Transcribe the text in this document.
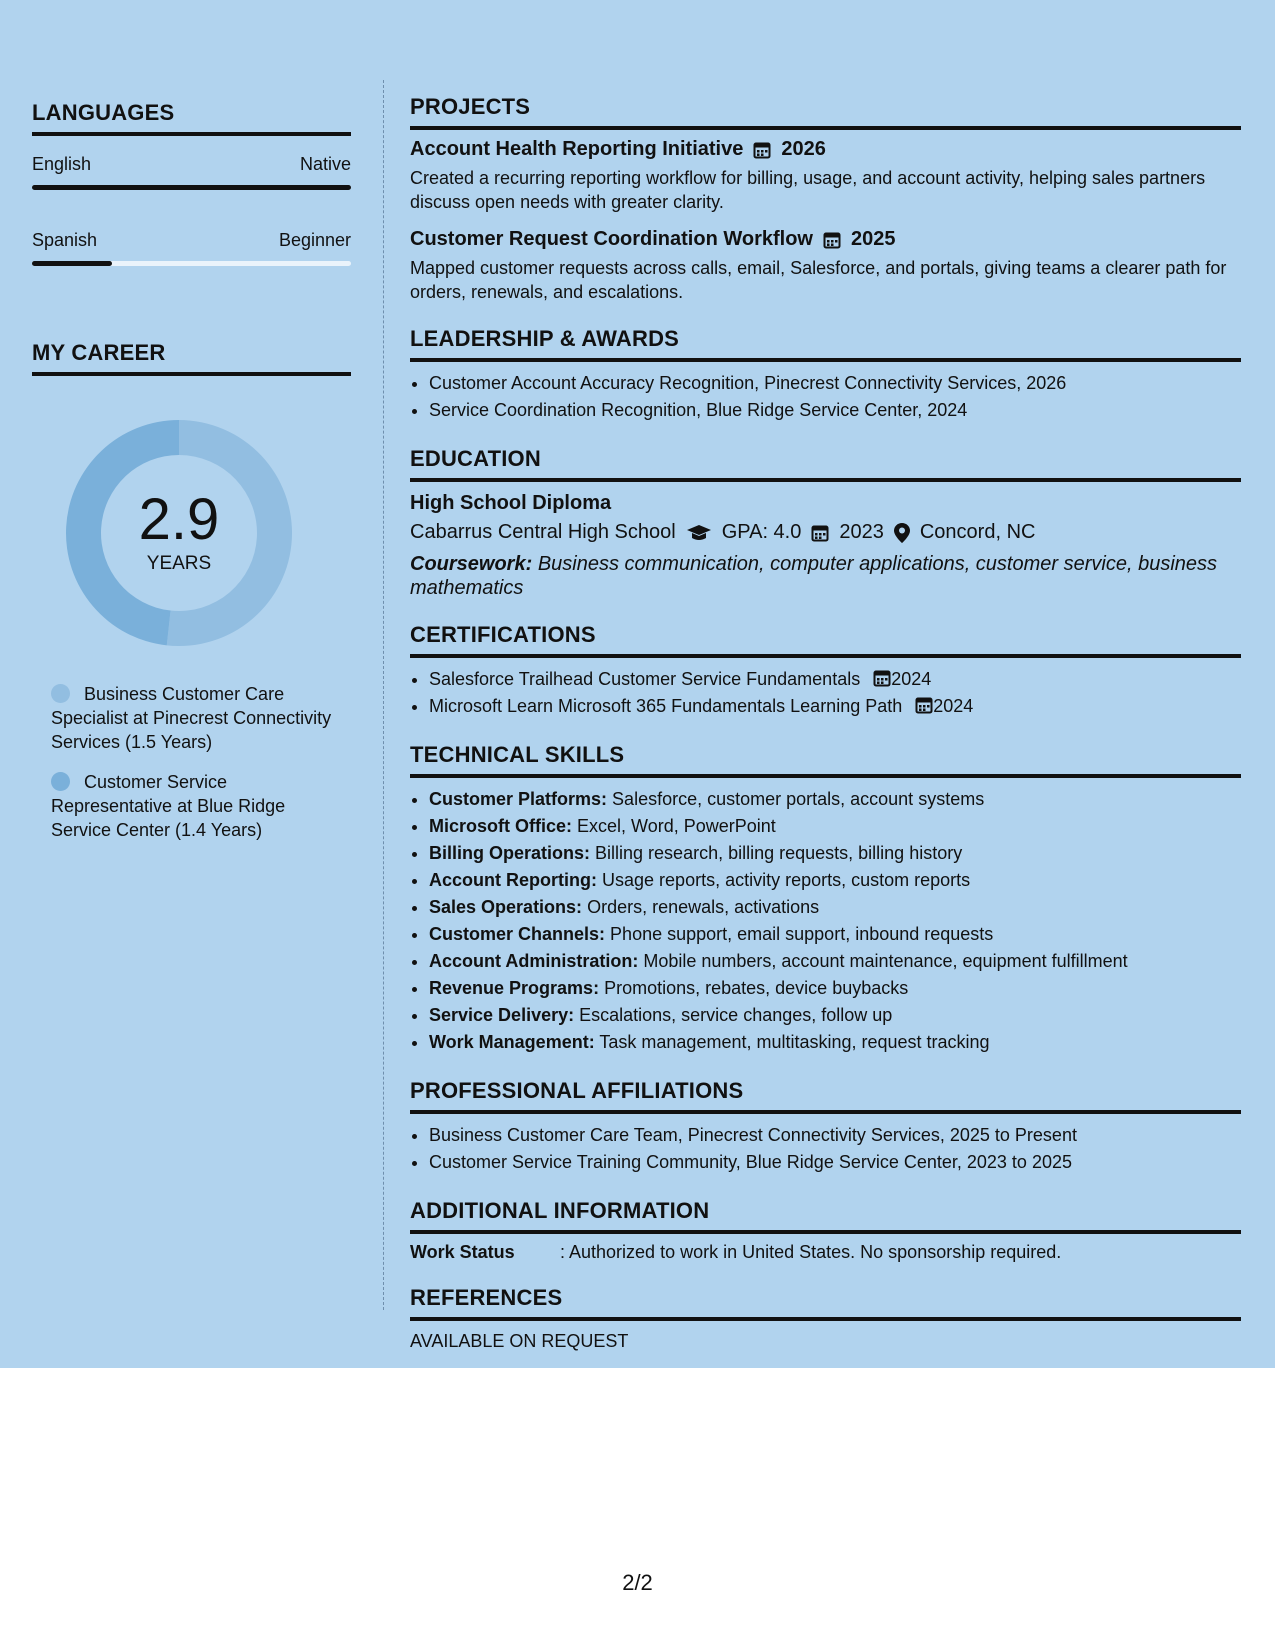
LANGUAGES
English	Native
Spanish	Beginner
MY CAREER
2.9
YEARS
Business Customer Care Specialist at Pinecrest Connectivity Services (1.5 Years)
Customer Service Representative at Blue Ridge Service Center (1.4 Years)
PROJECTS
Account Health Reporting Initiative 2026
Created a recurring reporting workflow for billing, usage, and account activity, helping sales partners discuss open needs with greater clarity.
Customer Request Coordination Workflow 2025
Mapped customer requests across calls, email, Salesforce, and portals, giving teams a clearer path for orders, renewals, and escalations.
LEADERSHIP & AWARDS
• Customer Account Accuracy Recognition, Pinecrest Connectivity Services, 2026
• Service Coordination Recognition, Blue Ridge Service Center, 2024
EDUCATION
High School Diploma
Cabarrus Central High School GPA: 4.0 2023 Concord, NC
Coursework: Business communication, computer applications, customer service, business mathematics
CERTIFICATIONS
• Salesforce Trailhead Customer Service Fundamentals 2024
• Microsoft Learn Microsoft 365 Fundamentals Learning Path 2024
TECHNICAL SKILLS
• Customer Platforms: Salesforce, customer portals, account systems
• Microsoft Office: Excel, Word, PowerPoint
• Billing Operations: Billing research, billing requests, billing history
• Account Reporting: Usage reports, activity reports, custom reports
• Sales Operations: Orders, renewals, activations
• Customer Channels: Phone support, email support, inbound requests
• Account Administration: Mobile numbers, account maintenance, equipment fulfillment
• Revenue Programs: Promotions, rebates, device buybacks
• Service Delivery: Escalations, service changes, follow up
• Work Management: Task management, multitasking, request tracking
PROFESSIONAL AFFILIATIONS
• Business Customer Care Team, Pinecrest Connectivity Services, 2025 to Present
• Customer Service Training Community, Blue Ridge Service Center, 2023 to 2025
ADDITIONAL INFORMATION
Work Status	: Authorized to work in United States. No sponsorship required.
REFERENCES
AVAILABLE ON REQUEST
2/2
